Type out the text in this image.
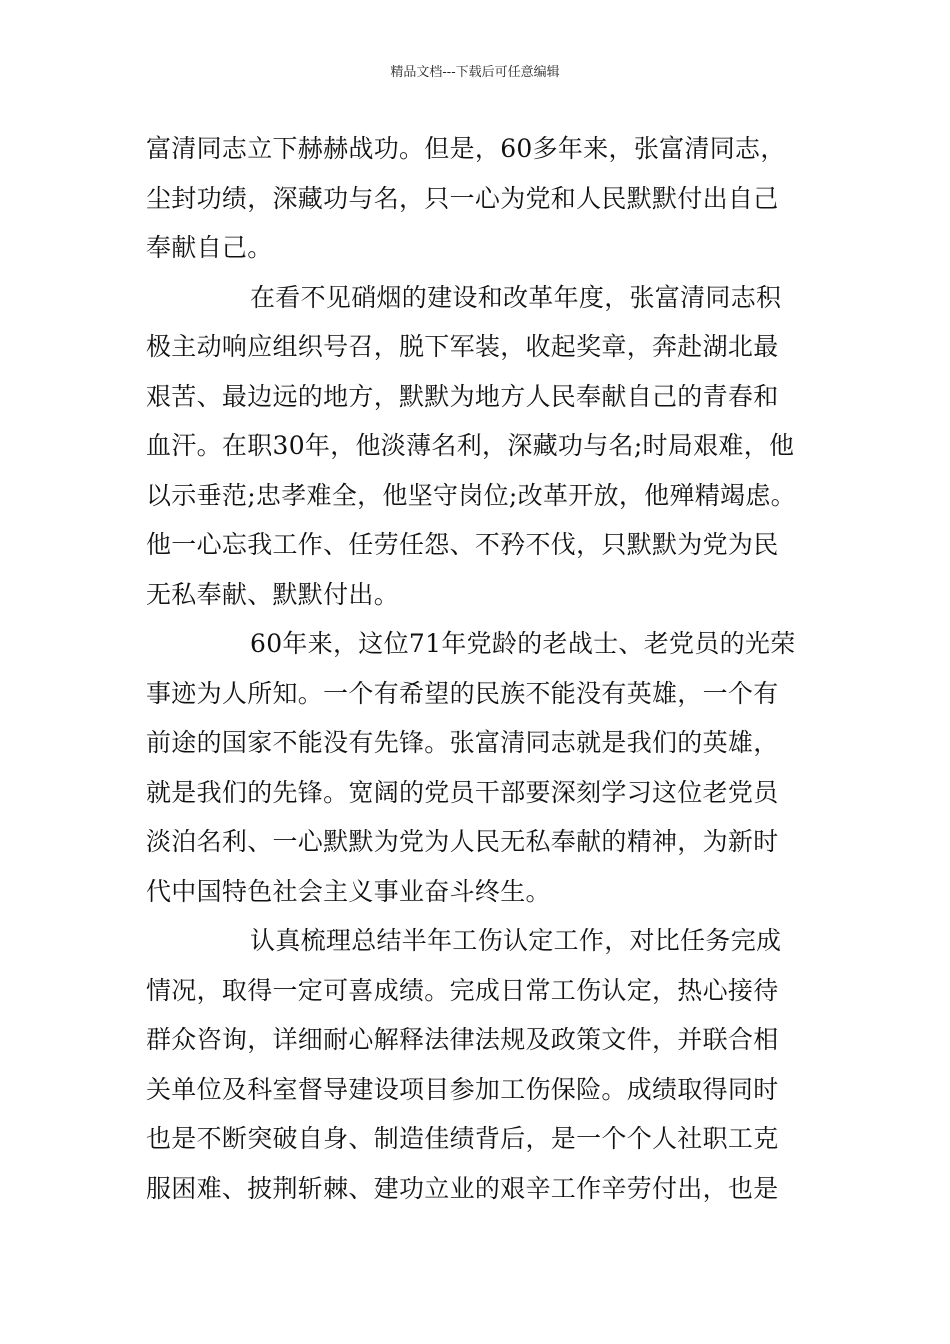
精品文档---下载后可任意编辑
富清同志立下赫赫战功。但是，60多年来，张富清同志，
尘封功绩，深藏功与名，只一心为党和人民默默付出自己
奉献自己。
在看不见硝烟的建设和改革年度，张富清同志积
极主动响应组织号召，脱下军装，收起奖章，奔赴湖北最
艰苦、最边远的地方，默默为地方人民奉献自己的青春和
血汗。在职30年，他淡薄名利，深藏功与名;时局艰难，他
以示垂范;忠孝难全，他坚守岗位;改革开放，他殚精竭虑。
他一心忘我工作、任劳任怨、不矜不伐，只默默为党为民
无私奉献、默默付出。
60年来，这位71年党龄的老战士、老党员的光荣
事迹为人所知。一个有希望的民族不能没有英雄，一个有
前途的国家不能没有先锋。张富清同志就是我们的英雄，
就是我们的先锋。宽阔的党员干部要深刻学习这位老党员
淡泊名利、一心默默为党为人民无私奉献的精神，为新时
代中国特色社会主义事业奋斗终生。
认真梳理总结半年工伤认定工作，对比任务完成
情况，取得一定可喜成绩。完成日常工伤认定，热心接待
群众咨询，详细耐心解释法律法规及政策文件，并联合相
关单位及科室督导建设项目参加工伤保险。成绩取得同时
也是不断突破自身、制造佳绩背后，是一个个人社职工克
服困难、披荆斩棘、建功立业的艰辛工作辛劳付出，也是
